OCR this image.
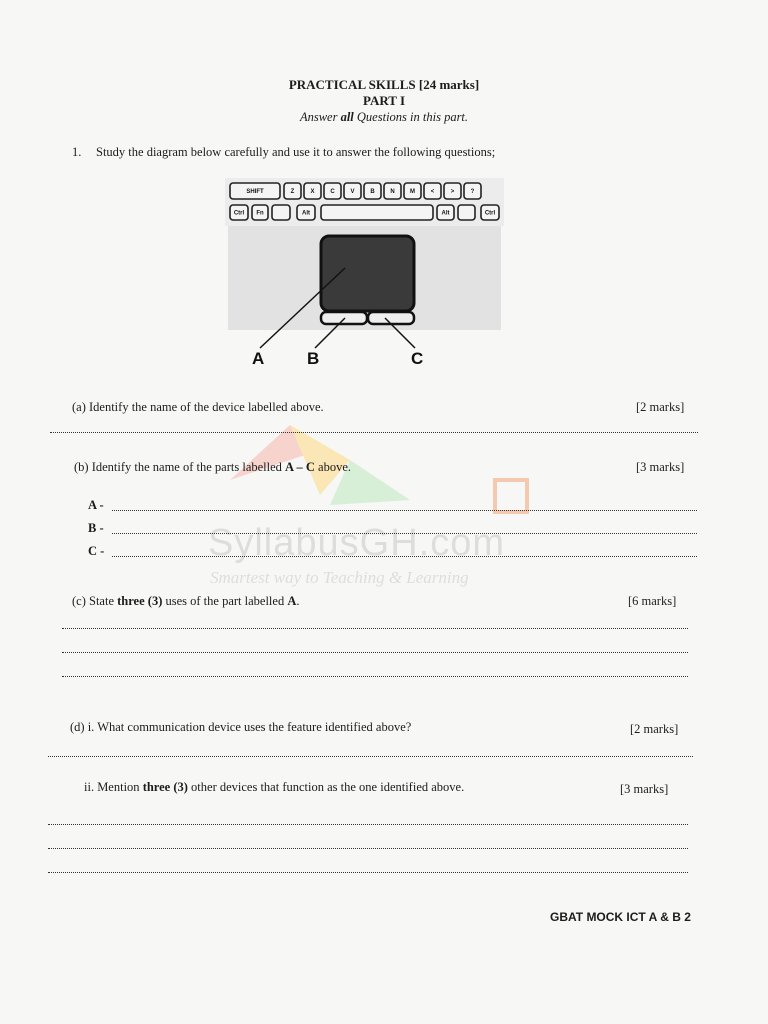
SyllabusGH.com
Smartest way to Teaching & Learning
PRACTICAL SKILLS [24 marks]
PART I
Answer all Questions in this part.
1. Study the diagram below carefully and use it to answer the following questions;
SHIFT	Z	X	C	V	B	N	M	<	>	?
Ctrl Fn	Alt	Alt	Ctrl
A	B	C
(a) Identify the name of the device labelled above.	[2 marks]
(b) Identify the name of the parts labelled A – C above.	[3 marks]
A -
B -
C -
(c) State three (3) uses of the part labelled A.	[6 marks]
(d) i. What communication device uses the feature identified above?	[2 marks]
ii. Mention three (3) other devices that function as the one identified above.	[3 marks]
GBAT MOCK ICT A & B 2
